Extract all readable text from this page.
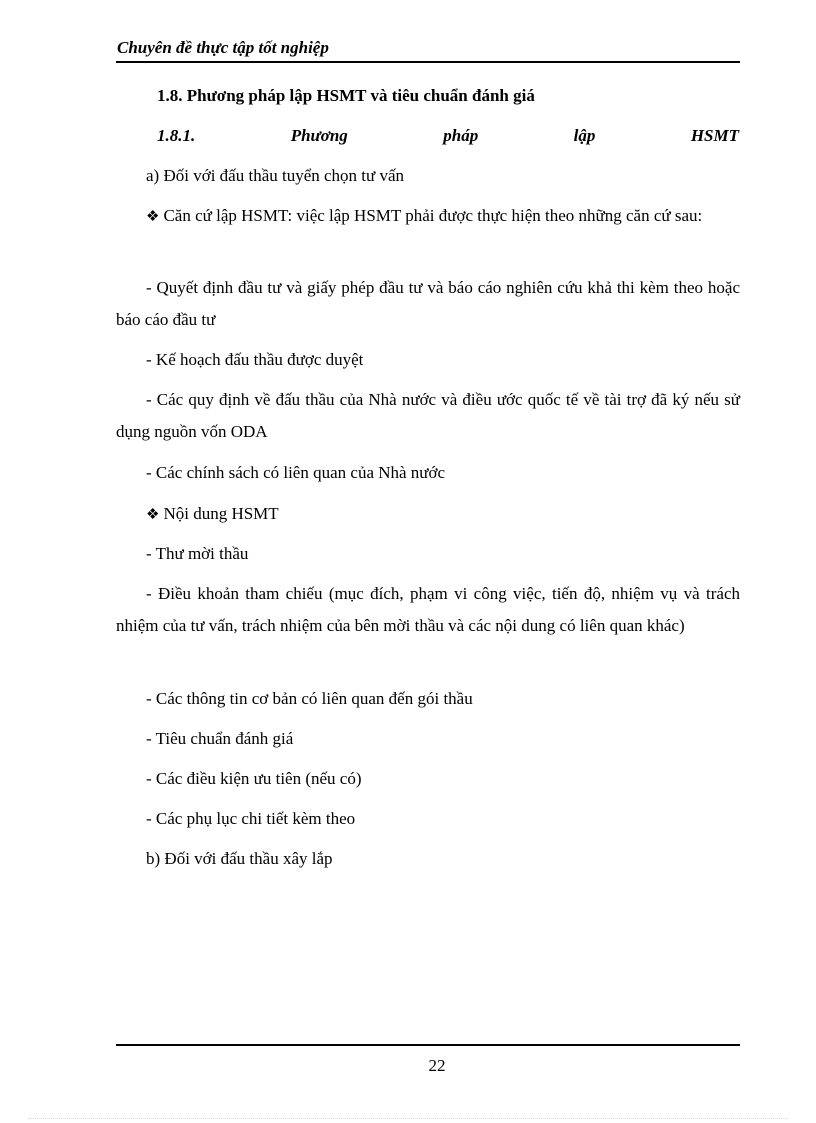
Chuyên đề thực tập tốt nghiệp
1.8. Phương pháp lập HSMT và tiêu chuẩn đánh giá
1.8.1.	Phương	pháp	lập	HSMT
a) Đối với đấu thầu tuyển chọn tư vấn
❖ Căn cứ lập HSMT: việc lập HSMT phải được thực hiện theo những căn cứ sau:
- Quyết định đầu tư và giấy phép đầu tư và báo cáo nghiên cứu khả thi kèm theo hoặc báo cáo đầu tư
- Kế hoạch đấu thầu được duyệt
- Các quy định về đấu thầu của Nhà nước và điều ước quốc tế về tài trợ đã ký nếu sử dụng nguồn vốn ODA
- Các chính sách có liên quan của Nhà nước
❖ Nội dung HSMT
- Thư mời thầu
- Điều khoản tham chiếu (mục đích, phạm vi công việc, tiến độ, nhiệm vụ và trách nhiệm của tư vấn, trách nhiệm của bên mời thầu và các nội dung có liên quan khác)
- Các thông tin cơ bản có liên quan đến gói thầu
- Tiêu chuẩn đánh giá
- Các điều kiện ưu tiên (nếu có)
- Các phụ lục chi tiết kèm theo
b) Đối với đấu thầu xây lắp
22
